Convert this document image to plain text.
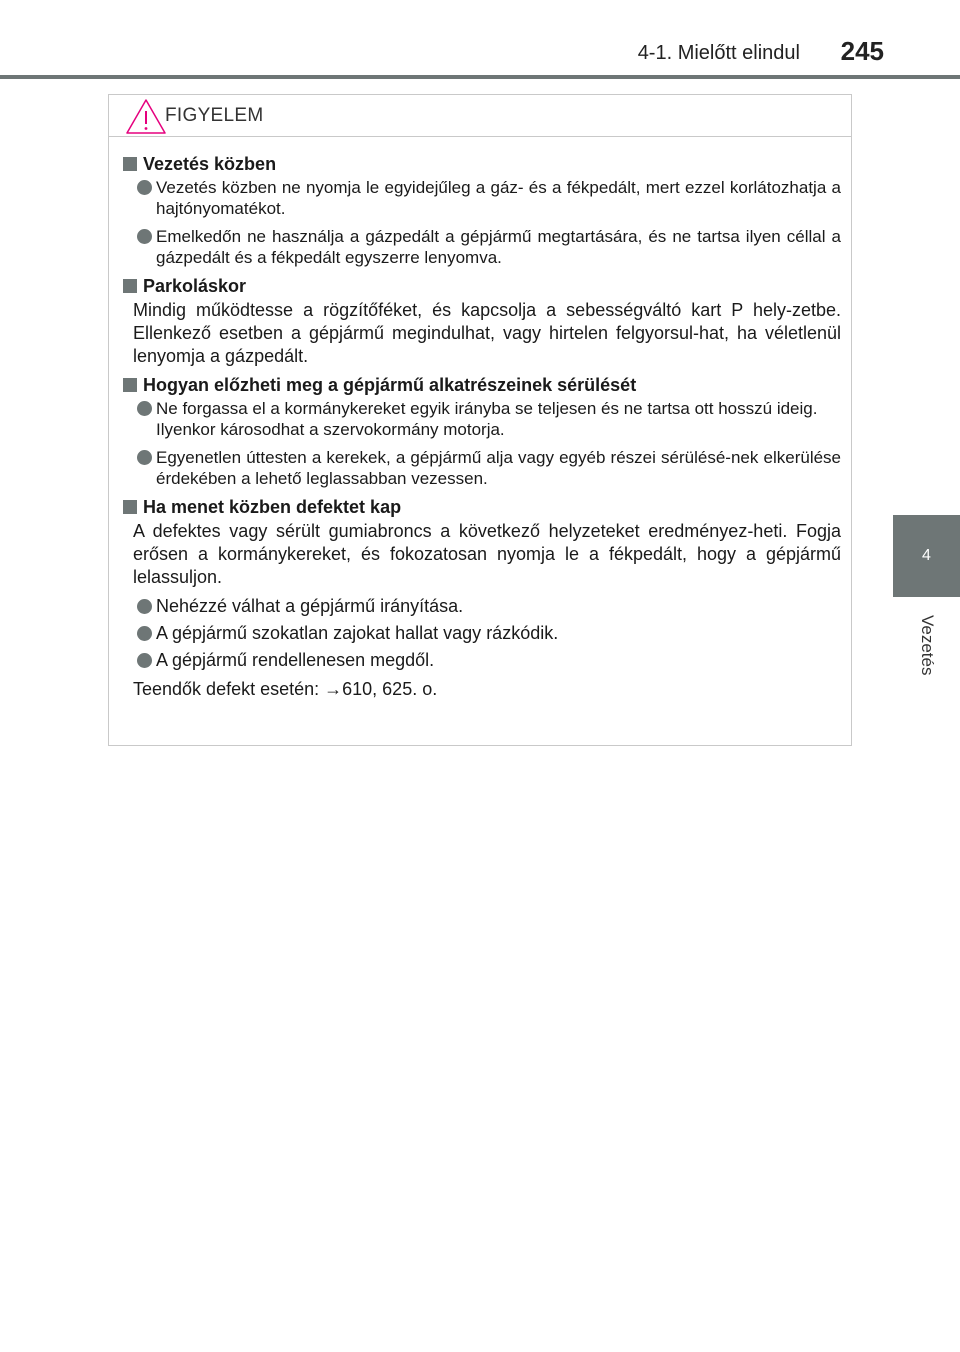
4-1. Mielőtt elindul 245
4
Vezetés
FIGYELEM
Vezetés közben
Vezetés közben ne nyomja le egyidejűleg a gáz- és a fékpedált, mert ezzel korlátozhatja a hajtónyomatékot.
Emelkedőn ne használja a gázpedált a gépjármű megtartására, és ne tartsa ilyen céllal a gázpedált és a fékpedált egyszerre lenyomva.
Parkoláskor
Mindig működtesse a rögzítőféket, és kapcsolja a sebességváltó kart P hely-zetbe. Ellenkező esetben a gépjármű megindulhat, vagy hirtelen felgyorsul-hat, ha véletlenül lenyomja a gázpedált.
Hogyan előzheti meg a gépjármű alkatrészeinek sérülését
Ne forgassa el a kormánykereket egyik irányba se teljesen és ne tartsa ott hosszú ideig.
Ilyenkor károsodhat a szervokormány motorja.
Egyenetlen úttesten a kerekek, a gépjármű alja vagy egyéb részei sérülésé-nek elkerülése érdekében a lehető leglassabban vezessen.
Ha menet közben defektet kap
A defektes vagy sérült gumiabroncs a következő helyzeteket eredményez-heti. Fogja erősen a kormánykereket, és fokozatosan nyomja le a fékpedált, hogy a gépjármű lelassuljon.
Nehézzé válhat a gépjármű irányítása.
A gépjármű szokatlan zajokat hallat vagy rázkódik.
A gépjármű rendellenesen megdől.
Teendők defekt esetén: →610, 625. o.
